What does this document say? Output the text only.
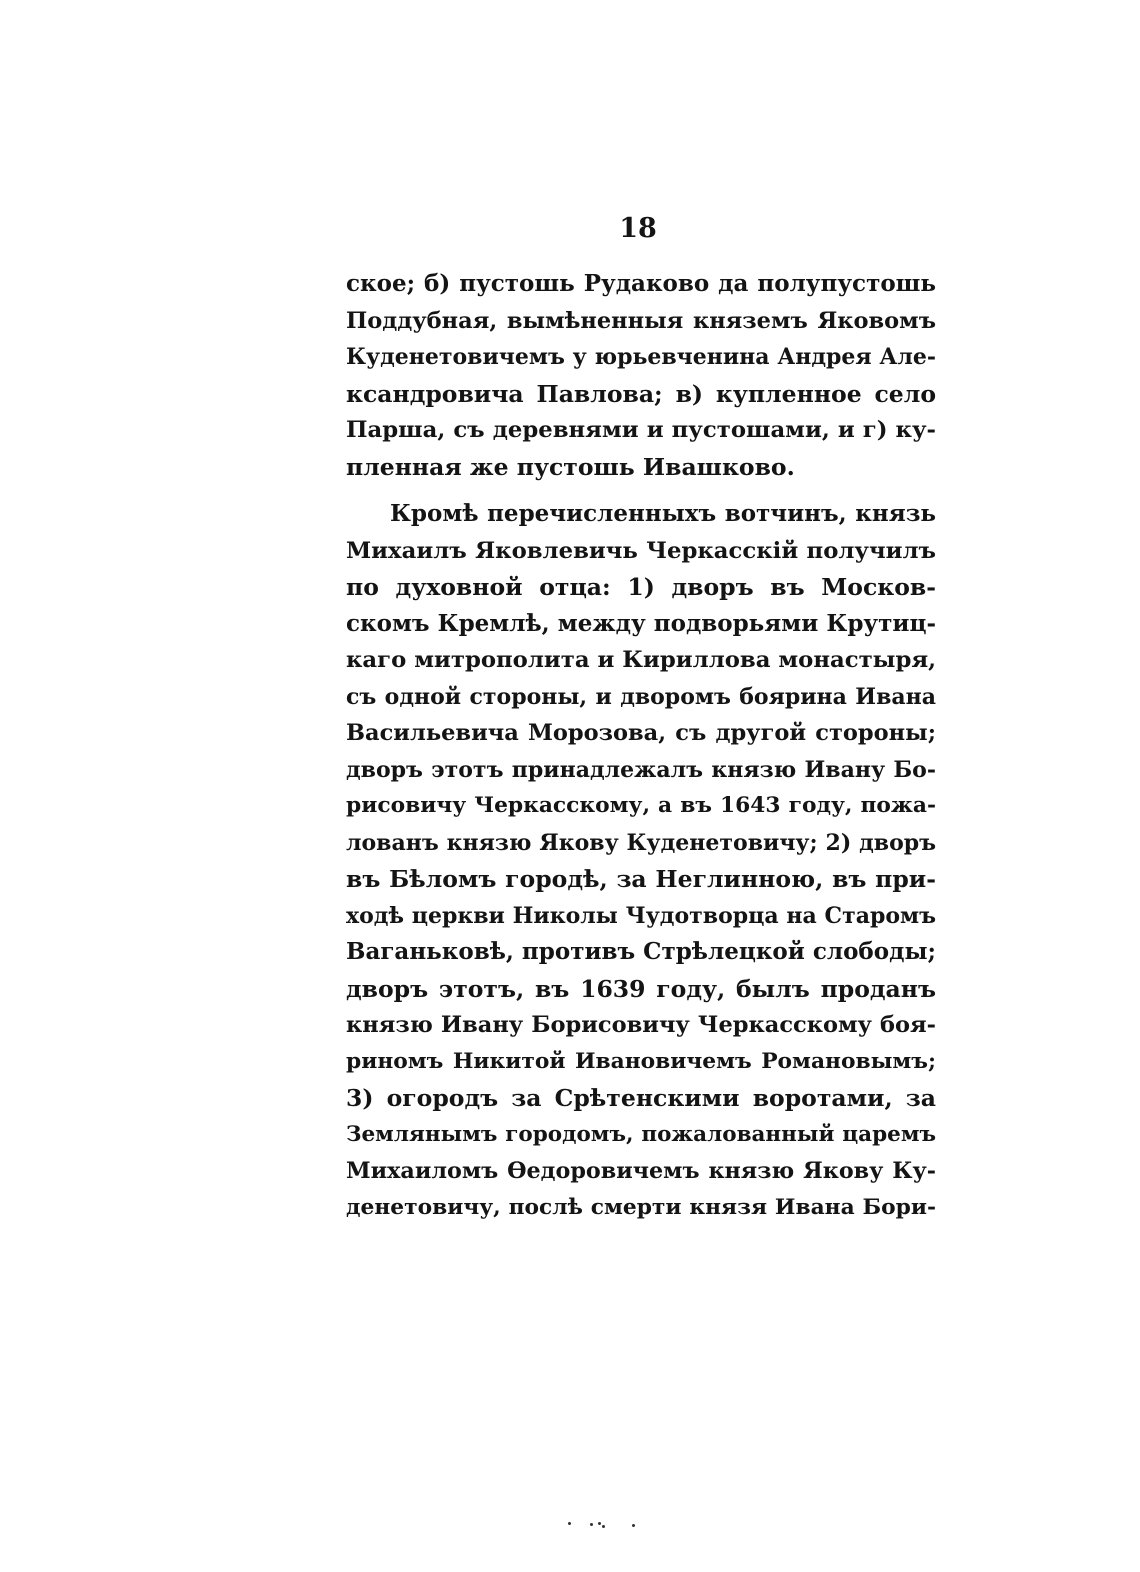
18
ское; б) пустошь Рудаково да полупустошь
Поддубная, вымѣненныя княземъ Яковомъ
Куденетовичемъ у юрьевченина Андрея Але-
ксандровича Павлова; в) купленное село
Парша, съ деревнями и пустошами, и г) ку-
пленная же пустошь Ивашково.
Кромѣ перечисленныхъ вотчинъ, князь
Михаилъ Яковлевичь Черкасскій получилъ
по духовной отца: 1) дворъ въ Москов-
скомъ Кремлѣ, между подворьями Крутиц-
каго митрополита и Кириллова монастыря,
съ одной стороны, и дворомъ боярина Ивана
Васильевича Морозова, съ другой стороны;
дворъ этотъ принадлежалъ князю Ивану Бо-
рисовичу Черкасскому, а въ 1643 году, пожа-
лованъ князю Якову Куденетовичу; 2) дворъ
въ Бѣломъ городѣ, за Неглинною, въ при-
ходѣ церкви Николы Чудотворца на Старомъ
Ваганьковѣ, противъ Стрѣлецкой слободы;
дворъ этотъ, въ 1639 году, былъ проданъ
князю Ивану Борисовичу Черкасскому боя-
риномъ Никитой Ивановичемъ Романовымъ;
3) огородъ за Срѣтенскими воротами, за
Землянымъ городомъ, пожалованный царемъ
Михаиломъ Ѳедоровичемъ князю Якову Ку-
денетовичу, послѣ смерти князя Ивана Бори-
